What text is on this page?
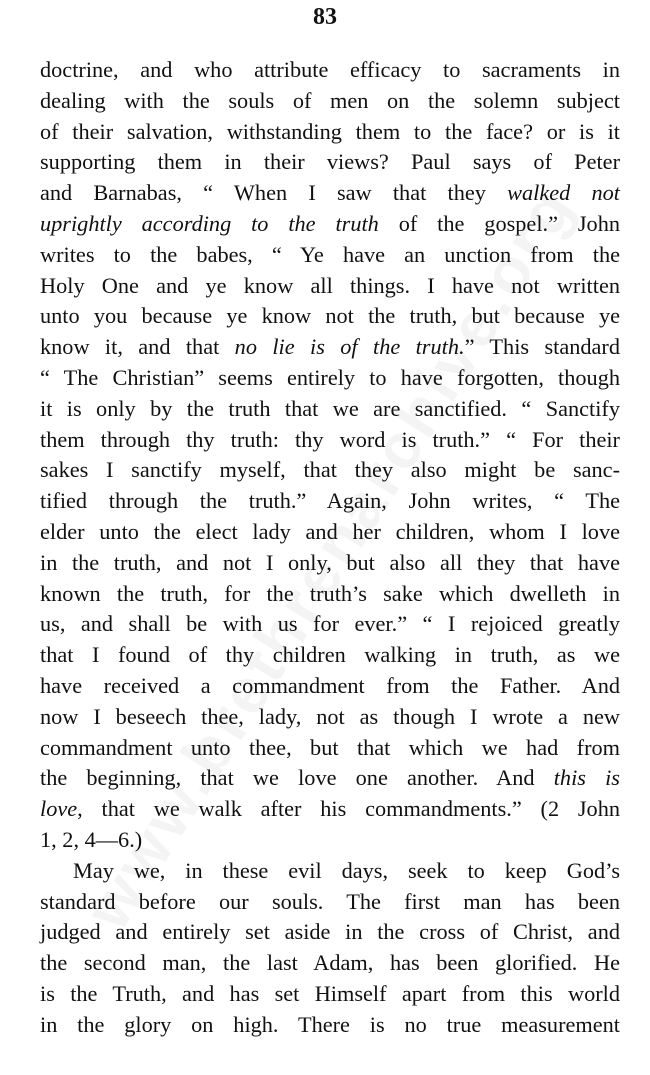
83
doctrine, and who attribute efficacy to sacraments in
dealing with the souls of men on the solemn subject
of their salvation, withstanding them to the face? or is it
supporting them in their views? Paul says of Peter
and Barnabas, “ When I saw that they walked not
uprightly according to the truth of the gospel.” John
writes to the babes, “ Ye have an unction from the
Holy One and ye know all things. I have not written
unto you because ye know not the truth, but because ye
know it, and that no lie is of the truth.” This standard
“ The Christian” seems entirely to have forgotten, though
it is only by the truth that we are sanctified. “ Sanctify
them through thy truth: thy word is truth.” “ For their
sakes I sanctify myself, that they also might be sanc-
tified through the truth.” Again, John writes, “ The
elder unto the elect lady and her children, whom I love
in the truth, and not I only, but also all they that have
known the truth, for the truth’s sake which dwelleth in
us, and shall be with us for ever.” “ I rejoiced greatly
that I found of thy children walking in truth, as we
have received a commandment from the Father. And
now I beseech thee, lady, not as though I wrote a new
commandment unto thee, but that which we had from
the beginning, that we love one another. And this is
love, that we walk after his commandments.” (2 John
1, 2, 4—6.)
May we, in these evil days, seek to keep God’s
standard before our souls. The first man has been
judged and entirely set aside in the cross of Christ, and
the second man, the last Adam, has been glorified. He
is the Truth, and has set Himself apart from this world
in the glory on high. There is no true measurement
